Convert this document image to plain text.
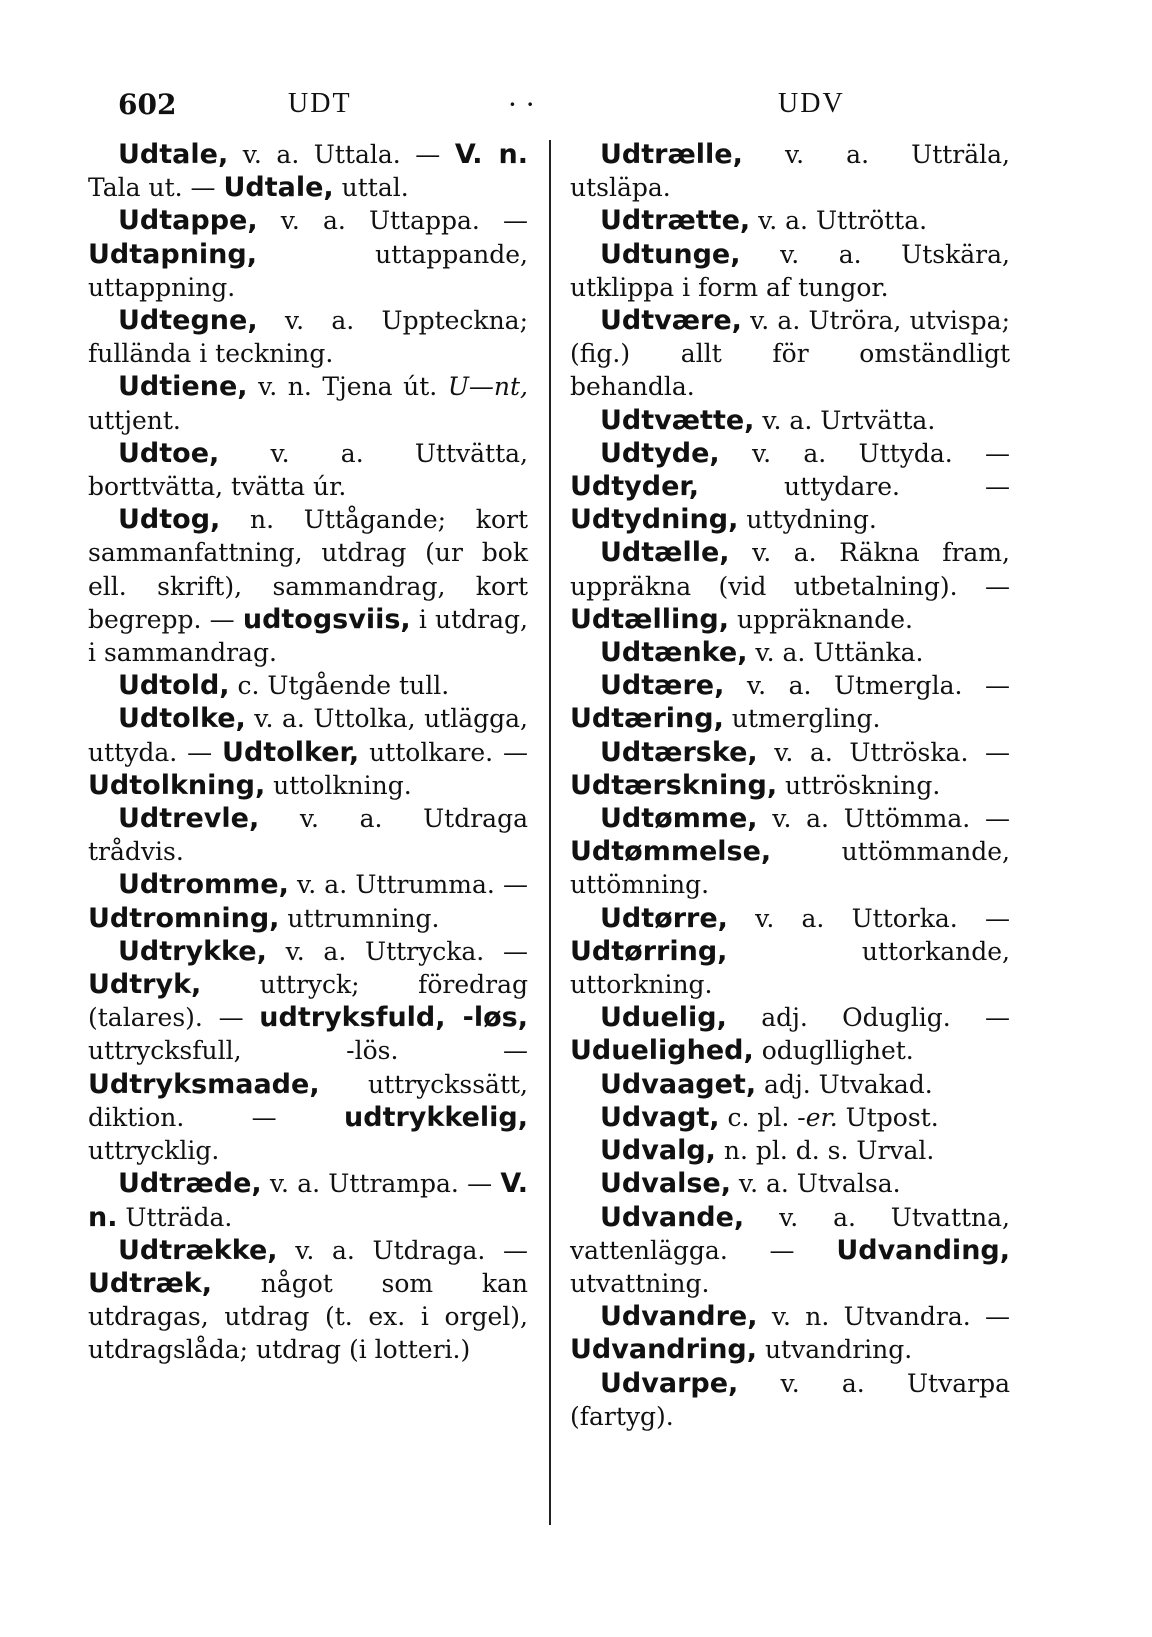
602	UDT	· ·	UDV

Udtale, v. a. Uttala. — V. n. Tala ut. — Udtale, uttal.

Udtappe, v. a. Uttappa. — Udtapning, uttappande, uttappning.

Udtegne, v. a. Uppteckna; fulländа i teckning.

Udtiene, v. n. Tjena út. U—nt, uttjent.

Udtoe, v. a. Uttvätta, borttvätta, tvätta úr.

Udtog, n. Uttågande; kort sammanfattning, utdrag (ur bok ell. skrift), sammandrag, kort begrepp. — udtogsviis, i utdrag, i sammandrag.

Udtold, c. Utgående tull.

Udtolke, v. a. Uttolka, utlägga, uttyda. — Udtolker, uttolkare. — Udtolkning, uttolkning.

Udtrevle, v. a. Utdraga trådvis.

Udtromme, v. a. Uttrumma. — Udtromning, uttrumning.

Udtrykke, v. a. Uttrycka. — Udtryk, uttryck; föredrag (talares). — udtryksfuld, -løs, uttrycksfull, -lös. — Udtryksmaade, uttryckssätt, diktion. — udtrykkelig, uttrycklig.

Udtræde, v. a. Uttrampa. — V. n. Utträda.

Udtrække, v. a. Utdraga. — Udtræk, något som kan utdragas, utdrag (t. ex. i orgel), utdragslåda; utdrag (i lotteri.)

Udtrælle, v. a. Utträla, utsläpa.

Udtrætte, v. a. Uttrötta.

Udtunge, v. a. Utskära, utklippa i form af tungor.

Udtvære, v. a. Utröra, utvispa; (fig.) allt för omständligt behandla.

Udtvætte, v. a. Urtvätta.

Udtyde, v. a. Uttyda. — Udtyder, uttydare. — Udtydning, uttydning.

Udtælle, v. a. Räkna fram, uppräkna (vid utbetalning). — Udtælling, uppräknande.

Udtænke, v. a. Uttänka.

Udtære, v. a. Utmergla. — Udtæring, utmergling.

Udtærske, v. a. Uttröska. — Udtærskning, uttröskning.

Udtømme, v. a. Uttömma. — Udtømmelse, uttömmande, uttömning.

Udtørre, v. a. Uttorka. — Udtørring, uttorkande, uttorkning.

Uduelig, adj. Oduglig. — Uduelighed, odugllighet.

Udvaaget, adj. Utvakad.

Udvagt, c. pl. -er. Utpost.

Udvalg, n. pl. d. s. Urval.

Udvalse, v. a. Utvalsa.

Udvande, v. a. Utvattna, vattenlägga. — Udvanding, utvattning.

Udvandre, v. n. Utvandra. — Udvandring, utvandring.

Udvarpe, v. a. Utvarpa (fartyg).
